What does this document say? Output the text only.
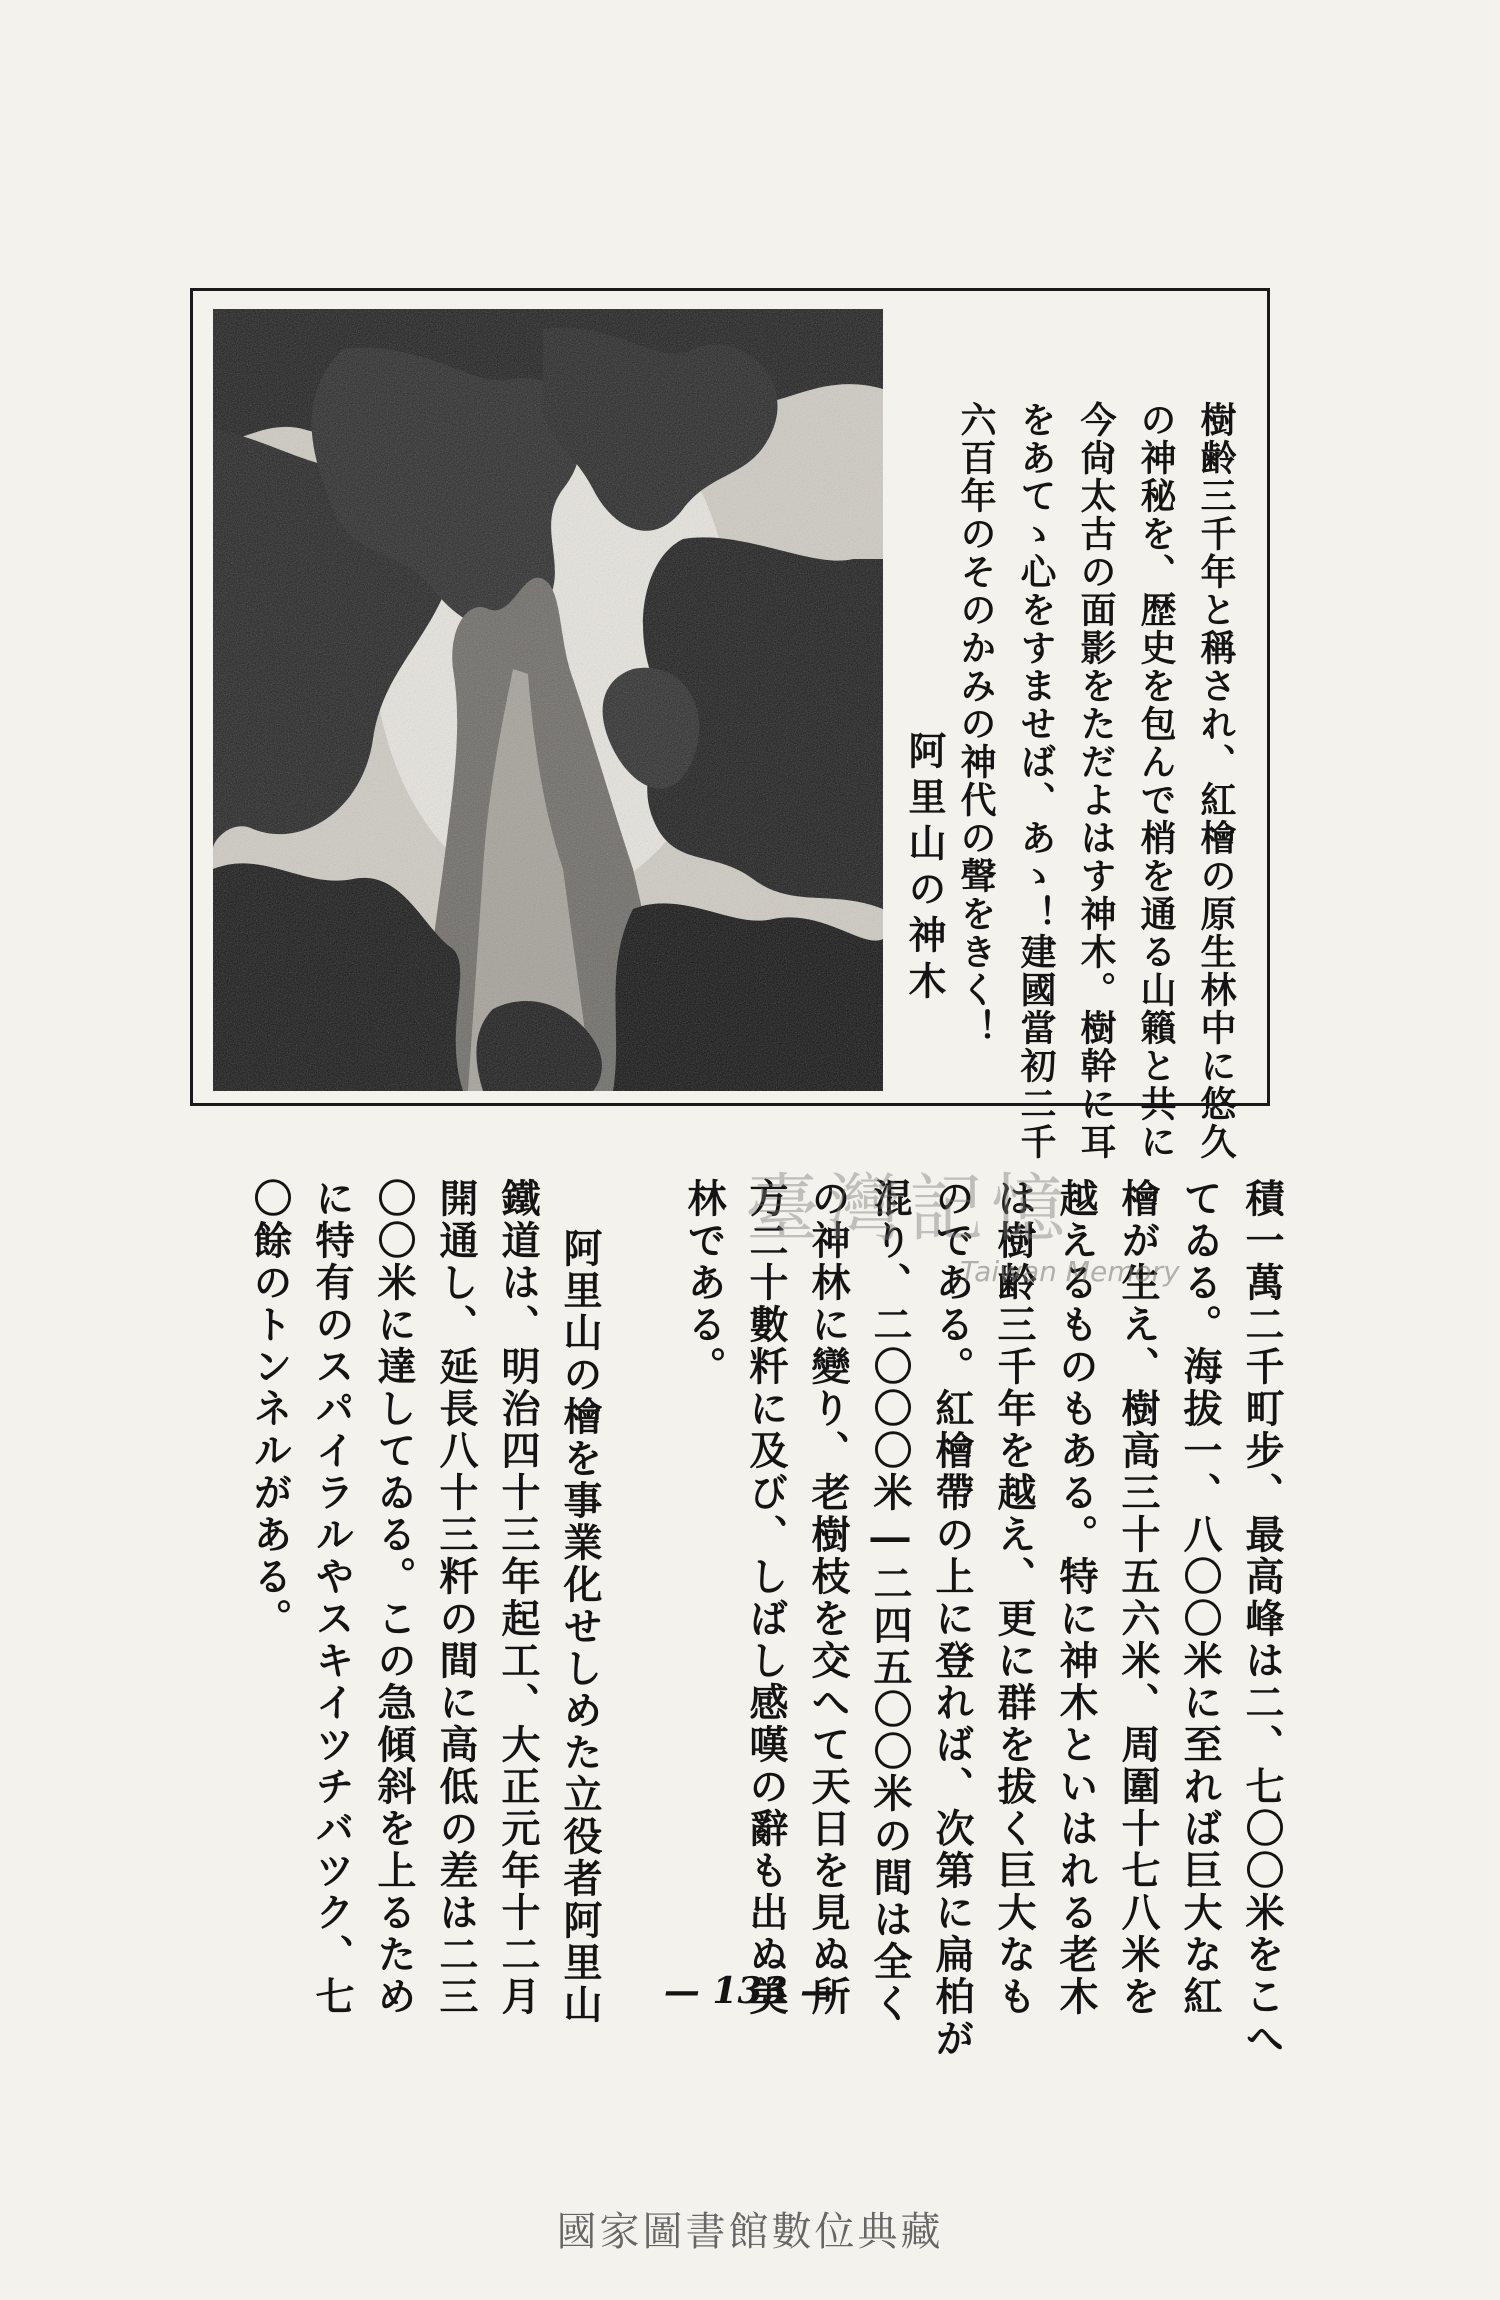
樹齢三千年と稱され、紅檜の原生林中に悠久
の神秘を、歴史を包んで梢を通る山籟と共に
今尙太古の面影をただよはす神木。樹幹に耳
をあてゝ心をすませば、あゝ！建國當初二千
六百年のそのかみの神代の聲をきく！
阿里山の神木
積一萬二千町步、最高峰は二、七〇〇米をこへ
てゐる。海拔一、八〇〇米に至れば巨大な紅
檜が生え、樹高三十五六米、周圍十七八米を
越えるものもある。特に神木といはれる老木
は樹齢三千年を越え、更に群を拔く巨大なも
のである。紅檜帶の上に登れば、次第に扁柏が
混り、二〇〇〇米―二四五〇〇米の間は全く
の神林に變り、老樹枝を交へて天日を見ぬ所
方二十數粁に及び、しばし感嘆の辭も出ぬ美
林である。
阿里山の檜を事業化せしめた立役者阿里山
鐵道は、明治四十三年起工、大正元年十二月
開通し、延長八十三粁の間に高低の差は二三
〇〇米に達してゐる。この急傾斜を上るため
に特有のスパイラルやスキイツチバツク、七
〇餘のトンネルがある。	臺灣記憶
Taiwan Memory
— 133 —
國家圖書館數位典藏
